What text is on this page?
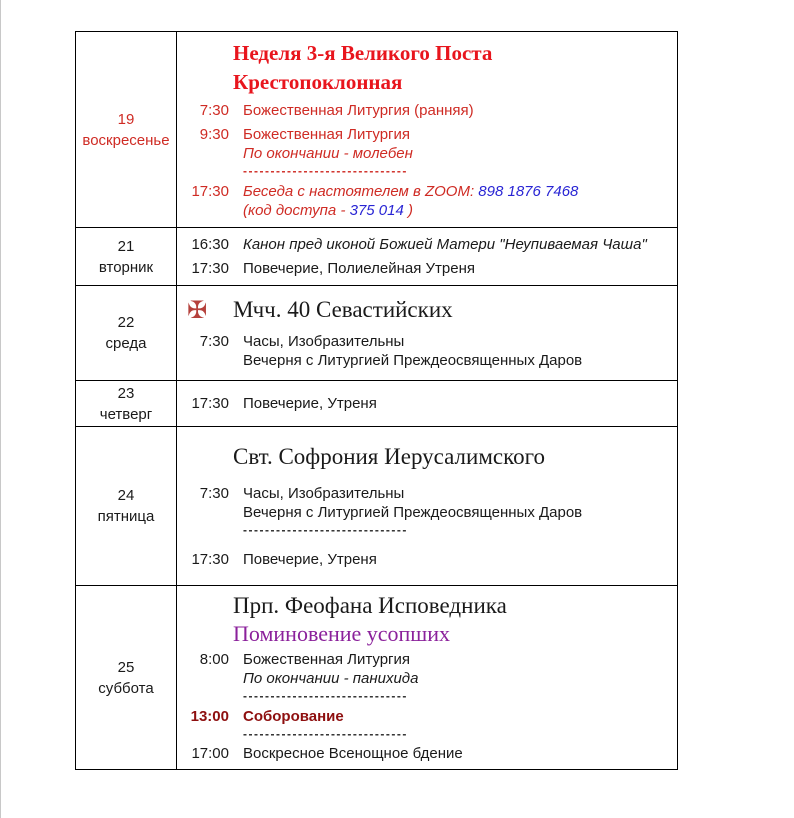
19
воскресенье
Неделя 3-я Великого Поста
Крестопоклонная
7:30 Божественная Литургия (ранняя)
9:30 Божественная Литургия
По окончании - молебен
------------------------------
17:30 Беседа с настоятелем в ZOOM: 898 1876 7468
(код доступа - 375 014 )
21
вторник
16:30 Канон пред иконой Божией Матери "Неупиваемая Чаша"
17:30 Повечерие, Полиелейная Утреня
22
среда
✠	Мчч. 40 Севастийских
7:30 Часы, Изобразительны
Вечерня с Литургией Преждеосвященных Даров
23
четверг
17:30 Повечерие, Утреня
24
пятница
Свт. Софрония Иерусалимского
7:30 Часы, Изобразительны
Вечерня с Литургией Преждеосвященных Даров
------------------------------
17:30 Повечерие, Утреня
25
суббота
Прп. Феофана Исповедника
Поминовение усопших
8:00 Божественная Литургия
По окончании - панихида
------------------------------
13:00 Соборование
------------------------------
17:00 Воскресное Всенощное бдение
